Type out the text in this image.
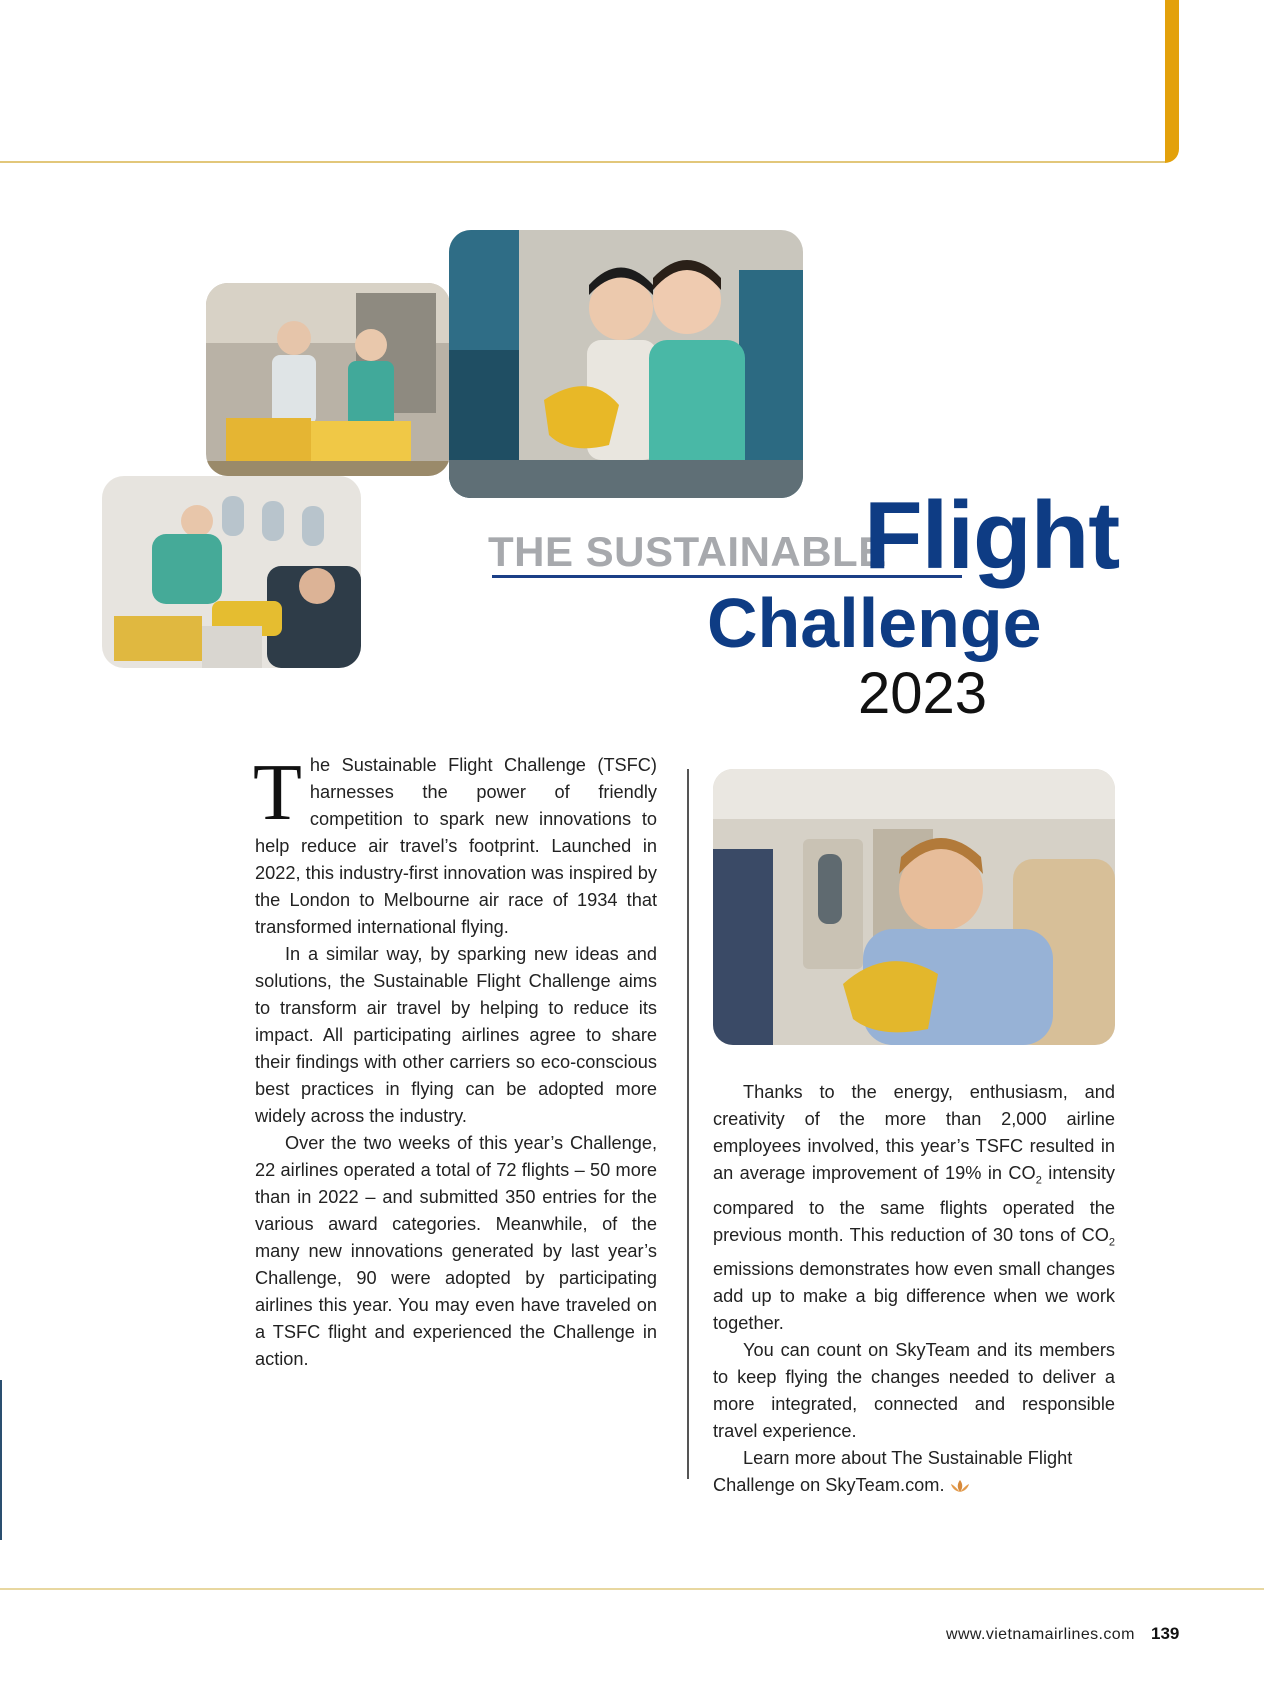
THE SUSTAINABLE
Flight
Challenge
2023

The Sustainable Flight Challenge (TSFC) harnesses the power of friendly competition to spark new innovations to help reduce air travel’s footprint. Launched in 2022, this industry-first innovation was inspired by the London to Melbourne air race of 1934 that transformed international flying.

In a similar way, by sparking new ideas and solutions, the Sustainable Flight Challenge aims to transform air travel by helping to reduce its impact. All participating airlines agree to share their findings with other carriers so eco-conscious best practices in flying can be adopted more widely across the industry.

Over the two weeks of this year’s Challenge, 22 airlines operated a total of 72 flights – 50 more than in 2022 – and submitted 350 entries for the various award categories. Meanwhile, of the many new innovations generated by last year’s Challenge, 90 were adopted by participating airlines this year. You may even have traveled on a TSFC flight and experienced the Challenge in action.

Thanks to the energy, enthusiasm, and creativity of the more than 2,000 airline employees involved, this year’s TSFC resulted in an average improvement of 19% in $CO_2$ intensity compared to the same flights operated the previous month. This reduction of 30 tons of $CO_2$ emissions demonstrates how even small changes add up to make a big difference when we work together.

You can count on SkyTeam and its members to keep flying the changes needed to deliver a more integrated, connected and responsible travel experience.

Learn more about The Sustainable Flight Challenge on SkyTeam.com.

www.vietnamairlines.com 139
